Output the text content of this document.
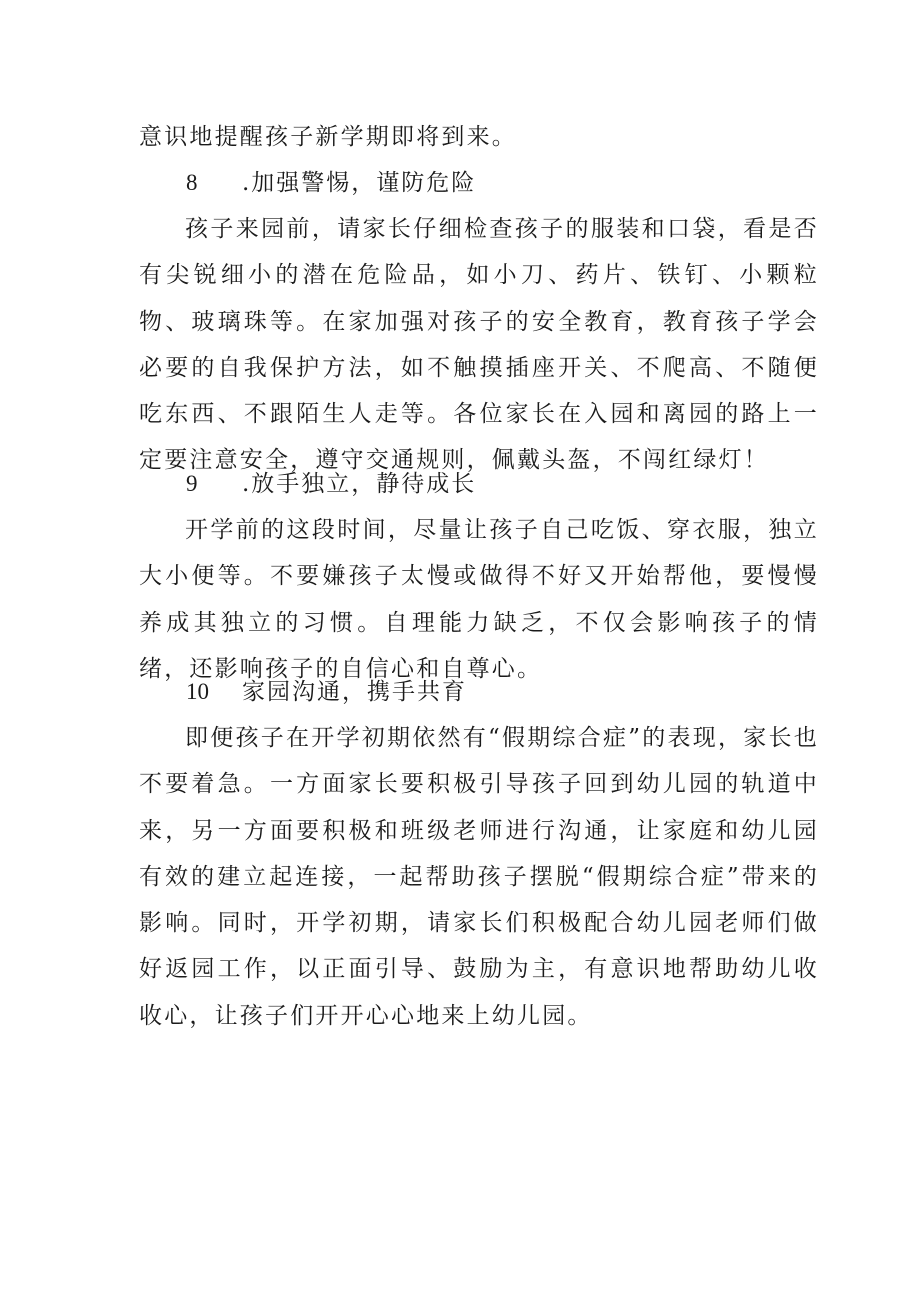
意识地提醒孩子新学期即将到来。

8 .加强警惕，谨防危险

孩子来园前，请家长仔细检查孩子的服装和口袋，看是否有尖锐细小的潜在危险品，如小刀、药片、铁钉、小颗粒物、玻璃珠等。在家加强对孩子的安全教育，教育孩子学会必要的自我保护方法，如不触摸插座开关、不爬高、不随便吃东西、不跟陌生人走等。各位家长在入园和离园的路上一定要注意安全，遵守交通规则，佩戴头盔，不闯红绿灯！

9 .放手独立，静待成长

开学前的这段时间，尽量让孩子自己吃饭、穿衣服，独立大小便等。不要嫌孩子太慢或做得不好又开始帮他，要慢慢养成其独立的习惯。自理能力缺乏，不仅会影响孩子的情绪，还影响孩子的自信心和自尊心。

10 家园沟通，携手共育

即便孩子在开学初期依然有“假期综合症”的表现，家长也不要着急。一方面家长要积极引导孩子回到幼儿园的轨道中来，另一方面要积极和班级老师进行沟通，让家庭和幼儿园有效的建立起连接，一起帮助孩子摆脱“假期综合症”带来的影响。同时，开学初期，请家长们积极配合幼儿园老师们做好返园工作，以正面引导、鼓励为主，有意识地帮助幼儿收收心，让孩子们开开心心地来上幼儿园。
